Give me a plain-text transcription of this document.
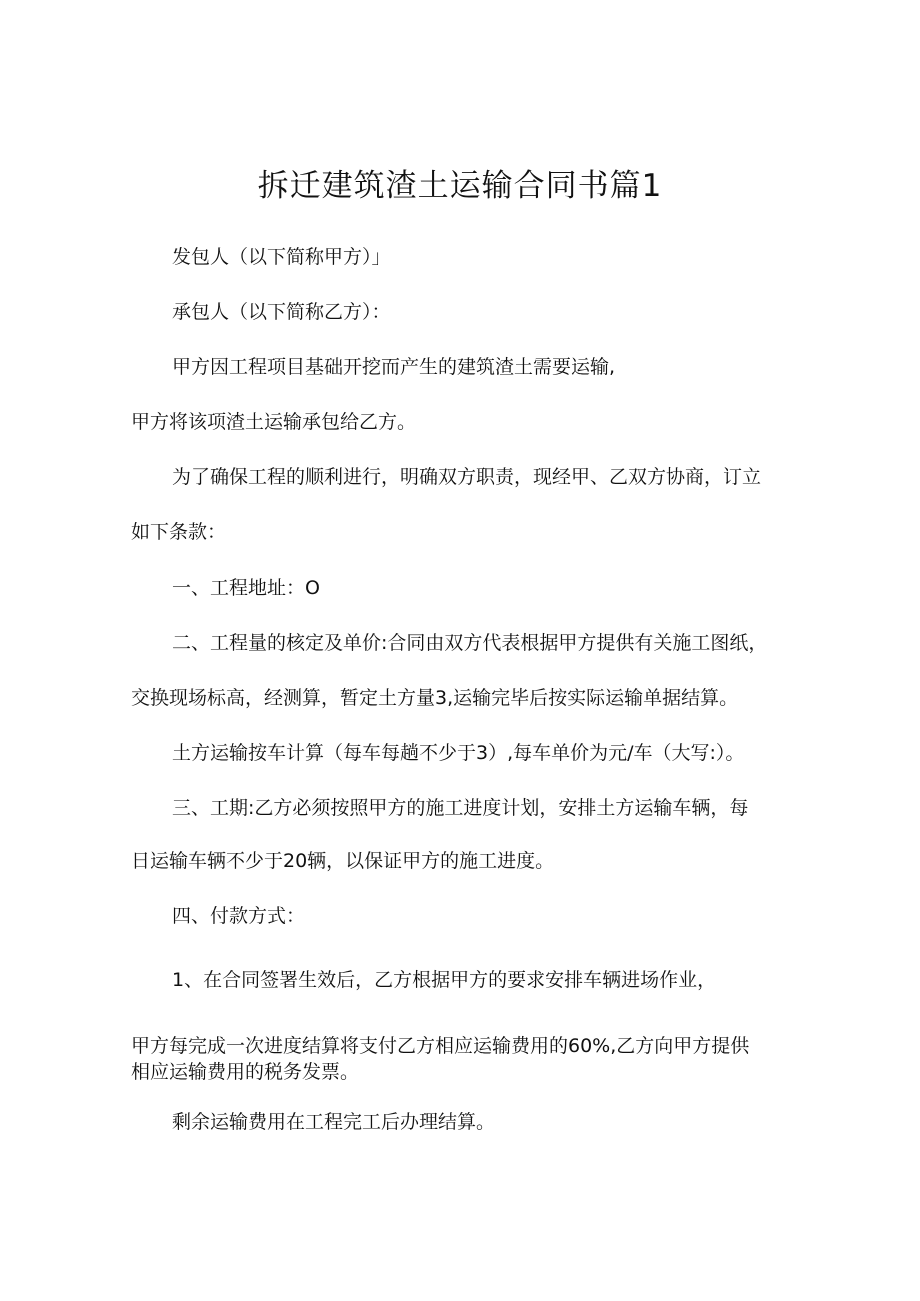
拆迁建筑渣土运输合同书篇1
发包人（以下简称甲方）」
承包人（以下简称乙方）：
甲方因工程项目基础开挖而产生的建筑渣土需要运输,
甲方将该项渣土运输承包给乙方。
为了确保工程的顺利进行，明确双方职责，现经甲、乙双方协商，订立
如下条款：
一、工程地址：O
二、工程量的核定及单价:合同由双方代表根据甲方提供有关施工图纸，
交换现场标高，经测算，暂定土方量3,运输完毕后按实际运输单据结算。
土方运输按车计算（每车每趟不少于3）,每车单价为元/车（大写:）。
三、工期:乙方必须按照甲方的施工进度计划，安排土方运输车辆，每
日运输车辆不少于20辆，以保证甲方的施工进度。
四、付款方式：
1、在合同签署生效后，乙方根据甲方的要求安排车辆进场作业，
甲方每完成一次进度结算将支付乙方相应运输费用的60%,乙方向甲方提供
相应运输费用的税务发票。
剩余运输费用在工程完工后办理结算。
